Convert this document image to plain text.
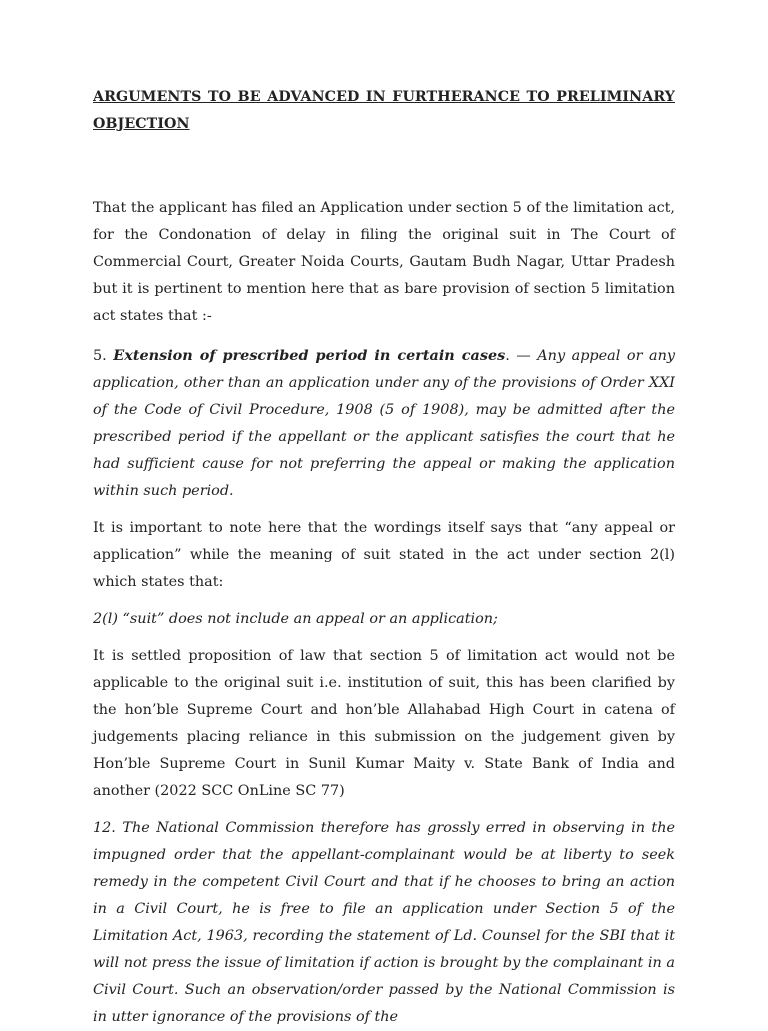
ARGUMENTS TO BE ADVANCED IN FURTHERANCE TO PRELIMINARY OBJECTION

That the applicant has filed an Application under section 5 of the limitation act, for the Condonation of delay in filing the original suit in The Court of Commercial Court, Greater Noida Courts, Gautam Budh Nagar, Uttar Pradesh but it is pertinent to mention here that as bare provision of section 5 limitation act states that :-

5. Extension of prescribed period in certain cases. — Any appeal or any application, other than an application under any of the provisions of Order XXI of the Code of Civil Procedure, 1908 (5 of 1908), may be admitted after the prescribed period if the appellant or the applicant satisfies the court that he had sufficient cause for not preferring the appeal or making the application within such period.

It is important to note here that the wordings itself says that “any appeal or application” while the meaning of suit stated in the act under section 2(l) which states that:

2(l) “suit” does not include an appeal or an application;

It is settled proposition of law that section 5 of limitation act would not be applicable to the original suit i.e. institution of suit, this has been clarified by the hon’ble Supreme Court and hon’ble Allahabad High Court in catena of judgements placing reliance in this submission on the judgement given by Hon’ble Supreme Court in Sunil Kumar Maity v. State Bank of India and another (2022 SCC OnLine SC 77)

12. The National Commission therefore has grossly erred in observing in the impugned order that the appellant-complainant would be at liberty to seek remedy in the competent Civil Court and that if he chooses to bring an action in a Civil Court, he is free to file an application under Section 5 of the Limitation Act, 1963, recording the statement of Ld. Counsel for the SBI that it will not press the issue of limitation if action is brought by the complainant in a Civil Court. Such an observation/order passed by the National Commission is in utter ignorance of the provisions of the
